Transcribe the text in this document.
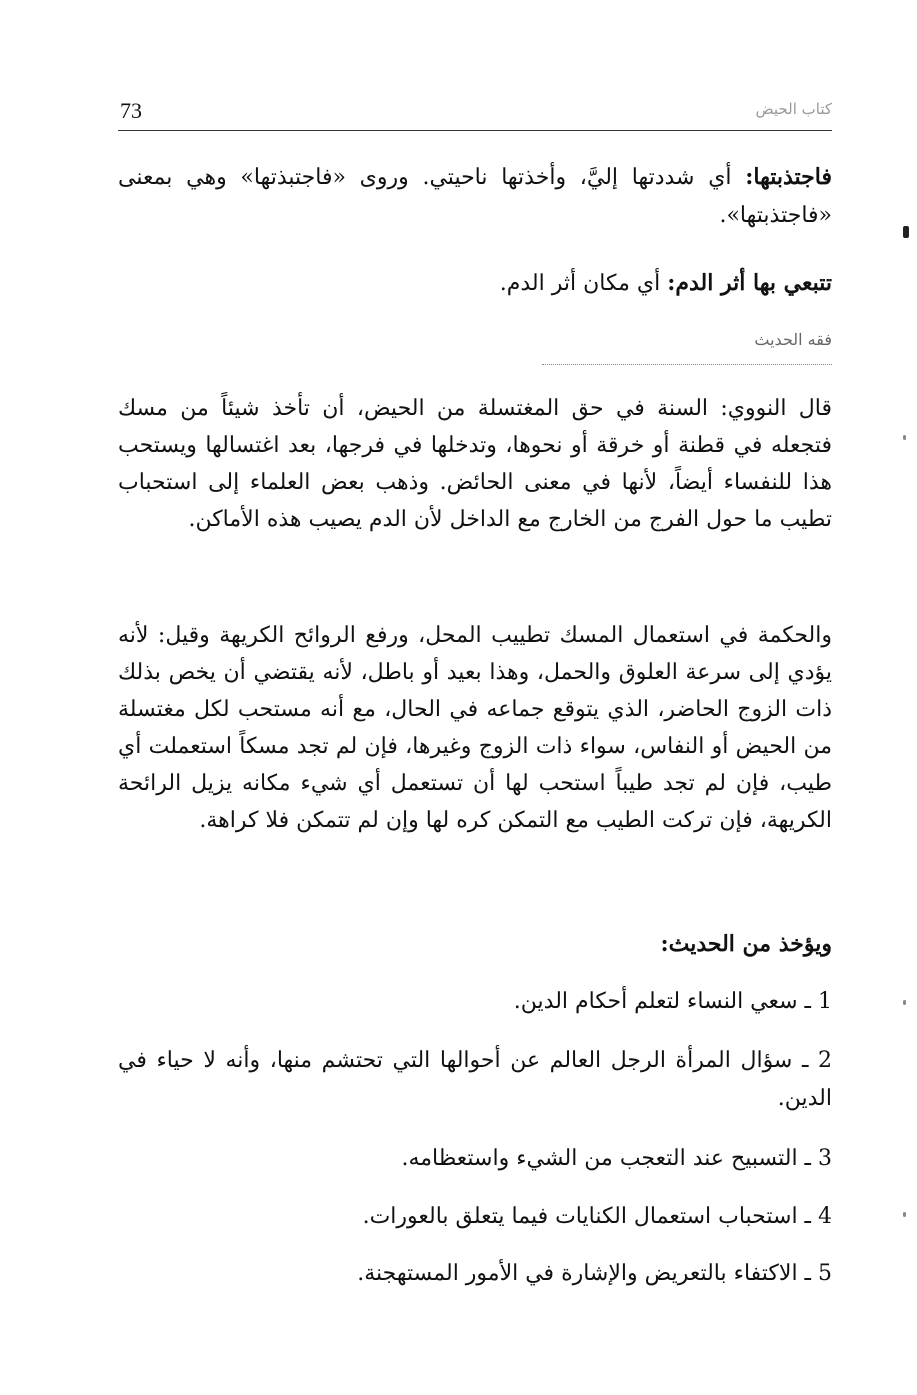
73	كتاب الحيض
فاجتذبتها: أي شددتها إليَّ، وأخذتها ناحيتي. وروى «فاجتبذتها» وهي بمعنى «فاجتذبتها».
تتبعي بها أثر الدم: أي مكان أثر الدم.
فقه الحديث
قال النووي: السنة في حق المغتسلة من الحيض، أن تأخذ شيئاً من مسك فتجعله في قطنة أو خرقة أو نحوها، وتدخلها في فرجها، بعد اغتسالها ويستحب هذا للنفساء أيضاً، لأنها في معنى الحائض. وذهب بعض العلماء إلى استحباب تطيب ما حول الفرج من الخارج مع الداخل لأن الدم يصيب هذه الأماكن.
والحكمة في استعمال المسك تطييب المحل، ورفع الروائح الكريهة وقيل: لأنه يؤدي إلى سرعة العلوق والحمل، وهذا بعيد أو باطل، لأنه يقتضي أن يخص بذلك ذات الزوج الحاضر، الذي يتوقع جماعه في الحال، مع أنه مستحب لكل مغتسلة من الحيض أو النفاس، سواء ذات الزوج وغيرها، فإن لم تجد مسكاً استعملت أي طيب، فإن لم تجد طيباً استحب لها أن تستعمل أي شيء مكانه يزيل الرائحة الكريهة، فإن تركت الطيب مع التمكن كره لها وإن لم تتمكن فلا كراهة.
ويؤخذ من الحديث:
1 ـ سعي النساء لتعلم أحكام الدين.
2 ـ سؤال المرأة الرجل العالم عن أحوالها التي تحتشم منها، وأنه لا حياء في الدين.
3 ـ التسبيح عند التعجب من الشيء واستعظامه.
4 ـ استحباب استعمال الكنايات فيما يتعلق بالعورات.
5 ـ الاكتفاء بالتعريض والإشارة في الأمور المستهجنة.
